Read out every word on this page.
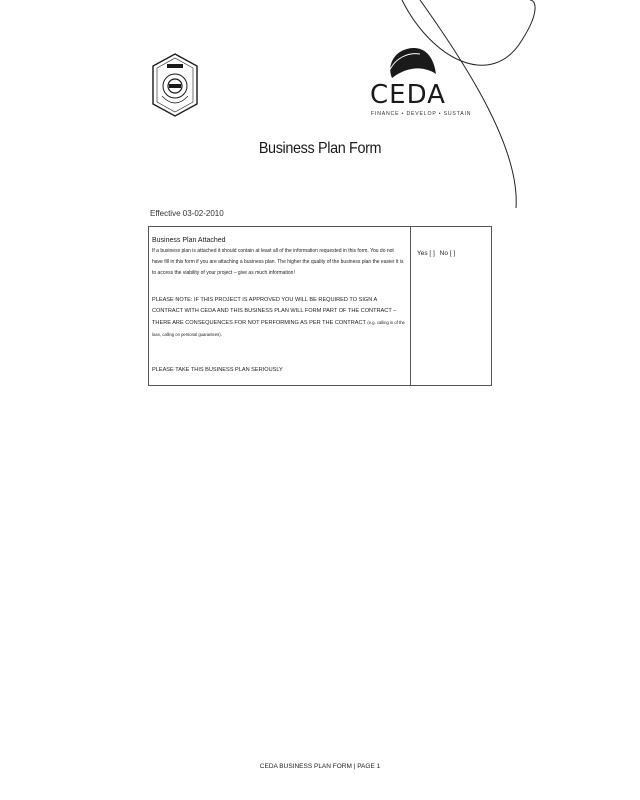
CEDA
FINANCE • DEVELOP • SUSTAIN
Business Plan Form
Effective 03-02-2010

Business Plan Attached

If a business plan is attached it should contain at least all of the information requested in this form. You do not have fill in this form if you are attaching a business plan. The higher the quality of the business plan the easier it is to access the viability of your project – give as much information!

PLEASE NOTE: IF THIS PROJECT IS APPROVED YOU WILL BE REQUIRED TO SIGN A CONTRACT WITH CEDA AND THIS BUSINESS PLAN WILL FORM PART OF THE CONTRACT – THERE ARE CONSEQUENCES FOR NOT PERFORMING AS PER THE CONTRACT (e.g. calling in of the loan, calling on personal guarantees).

PLEASE TAKE THIS BUSINESS PLAN SERIOUSLY

Yes [ ] No [ ]
CEDA BUSINESS PLAN FORM | PAGE 1
